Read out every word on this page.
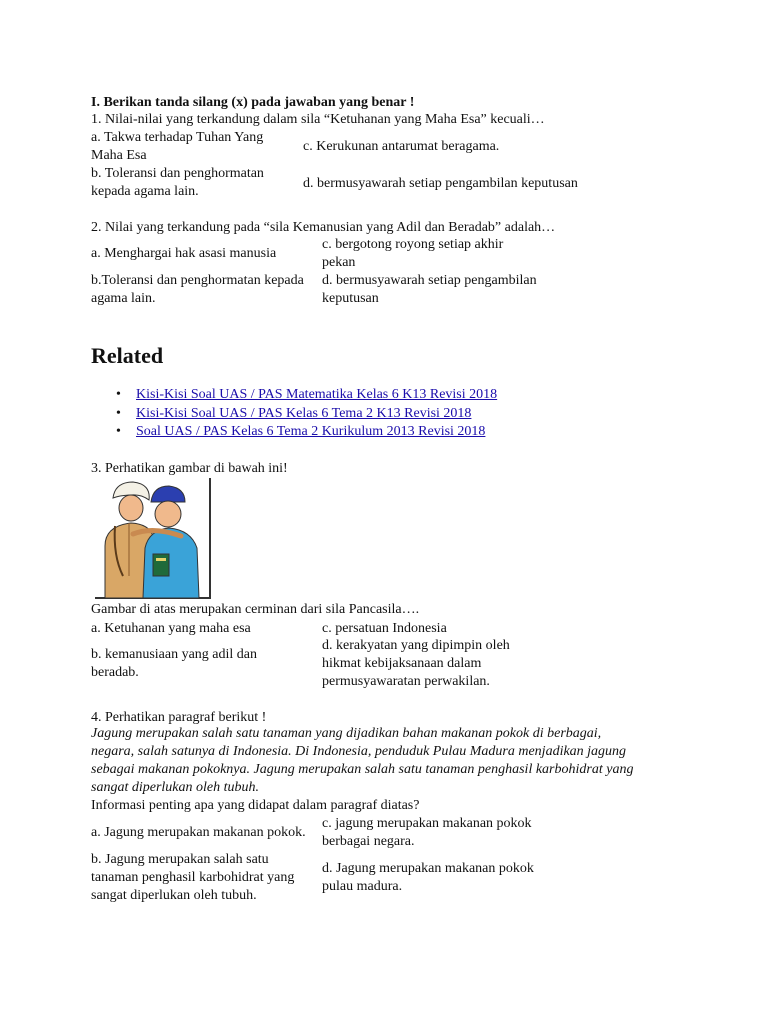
I. Berikan tanda silang (x) pada jawaban yang benar !
1. Nilai-nilai yang terkandung dalam sila “Ketuhanan yang Maha Esa” kecuali…
a. Takwa terhadap Tuhan Yang
Maha Esa
c. Kerukunan antarumat beragama.
b. Toleransi dan penghormatan
kepada agama lain.
d. bermusyawarah setiap pengambilan keputusan
2. Nilai yang terkandung pada “sila Kemanusian yang Adil dan Beradab” adalah…
a. Menghargai hak asasi manusia
c. bergotong royong setiap akhir
pekan
b.Toleransi dan penghormatan kepada
agama lain.
d. bermusyawarah setiap pengambilan
keputusan
Related
• Kisi-Kisi Soal UAS / PAS Matematika Kelas 6 K13 Revisi 2018
• Kisi-Kisi Soal UAS / PAS Kelas 6 Tema 2 K13 Revisi 2018
• Soal UAS / PAS Kelas 6 Tema 2 Kurikulum 2013 Revisi 2018
3. Perhatikan gambar di bawah ini!
Gambar di atas merupakan cerminan dari sila Pancasila….
a. Ketuhanan yang maha esa	c. persatuan Indonesia
b. kemanusiaan yang adil dan
beradab.
d. kerakyatan yang dipimpin oleh
hikmat kebijaksanaan dalam
permusyawaratan perwakilan.
4. Perhatikan paragraf berikut !
Jagung merupakan salah satu tanaman yang dijadikan bahan makanan pokok di berbagai,
negara, salah satunya di Indonesia. Di Indonesia, penduduk Pulau Madura menjadikan jagung
sebagai makanan pokoknya. Jagung merupakan salah satu tanaman penghasil karbohidrat yang
sangat diperlukan oleh tubuh.
Informasi penting apa yang didapat dalam paragraf diatas?
a. Jagung merupakan makanan pokok.
c. jagung merupakan makanan pokok
berbagai negara.
b. Jagung merupakan salah satu
tanaman penghasil karbohidrat yang
sangat diperlukan oleh tubuh.
d. Jagung merupakan makanan pokok
pulau madura.
